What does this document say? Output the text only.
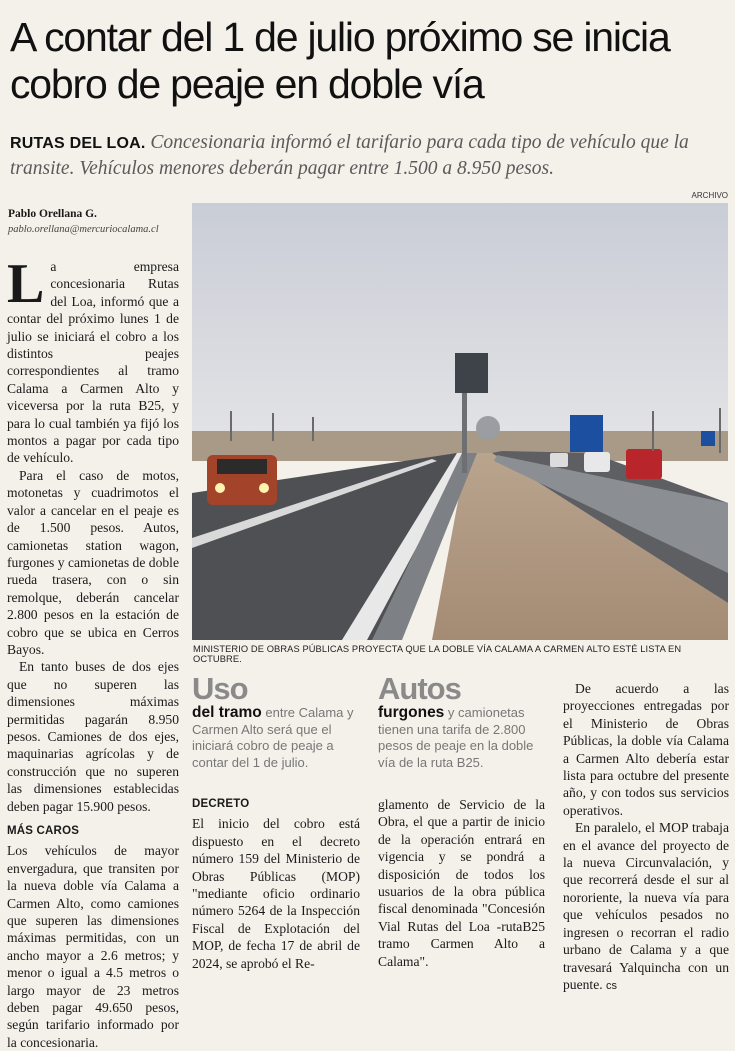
A contar del 1 de julio próximo se inicia cobro de peaje en doble vía
RUTAS DEL LOA. Concesionaria informó el tarifario para cada tipo de vehículo que la transite. Vehículos menores deberán pagar entre 1.500 a 8.950 pesos.
ARCHIVO
Pablo Orellana G.
pablo.orellana@mercuriocalama.cl

La empresa concesionaria Rutas del Loa, informó que a contar del próximo lunes 1 de julio se iniciará el cobro a los distintos peajes correspondientes al tramo Calama a Carmen Alto y viceversa por la ruta B25, y para lo cual también ya fijó los montos a pagar por cada tipo de vehículo.

Para el caso de motos, motonetas y cuadrimotos el valor a cancelar en el peaje es de 1.500 pesos. Autos, camionetas station wagon, furgones y camionetas de doble rueda trasera, con o sin remolque, deberán cancelar 2.800 pesos en la estación de cobro que se ubica en Cerros Bayos.

En tanto buses de dos ejes que no superen las dimensiones máximas permitidas pagarán 8.950 pesos. Camiones de dos ejes, maquinarias agrícolas y de construcción que no superen las dimensiones establecidas deben pagar 15.900 pesos.

MÁS CAROS

Los vehículos de mayor envergadura, que transiten por la nueva doble vía Calama a Carmen Alto, como camiones que superen las dimensiones máximas permitidas, con un ancho mayor a 2.6 metros; y menor o igual a 4.5 metros o largo mayor de 23 metros deben pagar 49.650 pesos, según tarifario informado por la concesionaria.

MINISTERIO DE OBRAS PÚBLICAS PROYECTA QUE LA DOBLE VÍA CALAMA A CARMEN ALTO ESTÉ LISTA EN OCTUBRE.
Uso
del tramo entre Calama y Carmen Alto será que el iniciará cobro de peaje a contar del 1 de julio.
Autos
furgones y camionetas tienen una tarifa de 2.800 pesos de peaje en la doble vía de la ruta B25.
DECRETO

El inicio del cobro está dispuesto en el decreto número 159 del Ministerio de Obras Públicas (MOP) "mediante oficio ordinario número 5264 de la Inspección Fiscal de Explotación del MOP, de fecha 17 de abril de 2024, se aprobó el Re-

glamento de Servicio de la Obra, el que a partir de inicio de la operación entrará en vigencia y se pondrá a disposición de todos los usuarios de la obra pública fiscal denominada "Concesión Vial Rutas del Loa -rutaB25 tramo Carmen Alto a Calama".

De acuerdo a las proyecciones entregadas por el Ministerio de Obras Públicas, la doble vía Calama a Carmen Alto debería estar lista para octubre del presente año, y con todos sus servicios operativos.

En paralelo, el MOP trabaja en el avance del proyecto de la nueva Circunvalación, y que recorrerá desde el sur al nororiente, la nueva vía para que vehículos pesados no ingresen o recorran el radio urbano de Calama y a que travesará Yalquincha con un puente. cs
